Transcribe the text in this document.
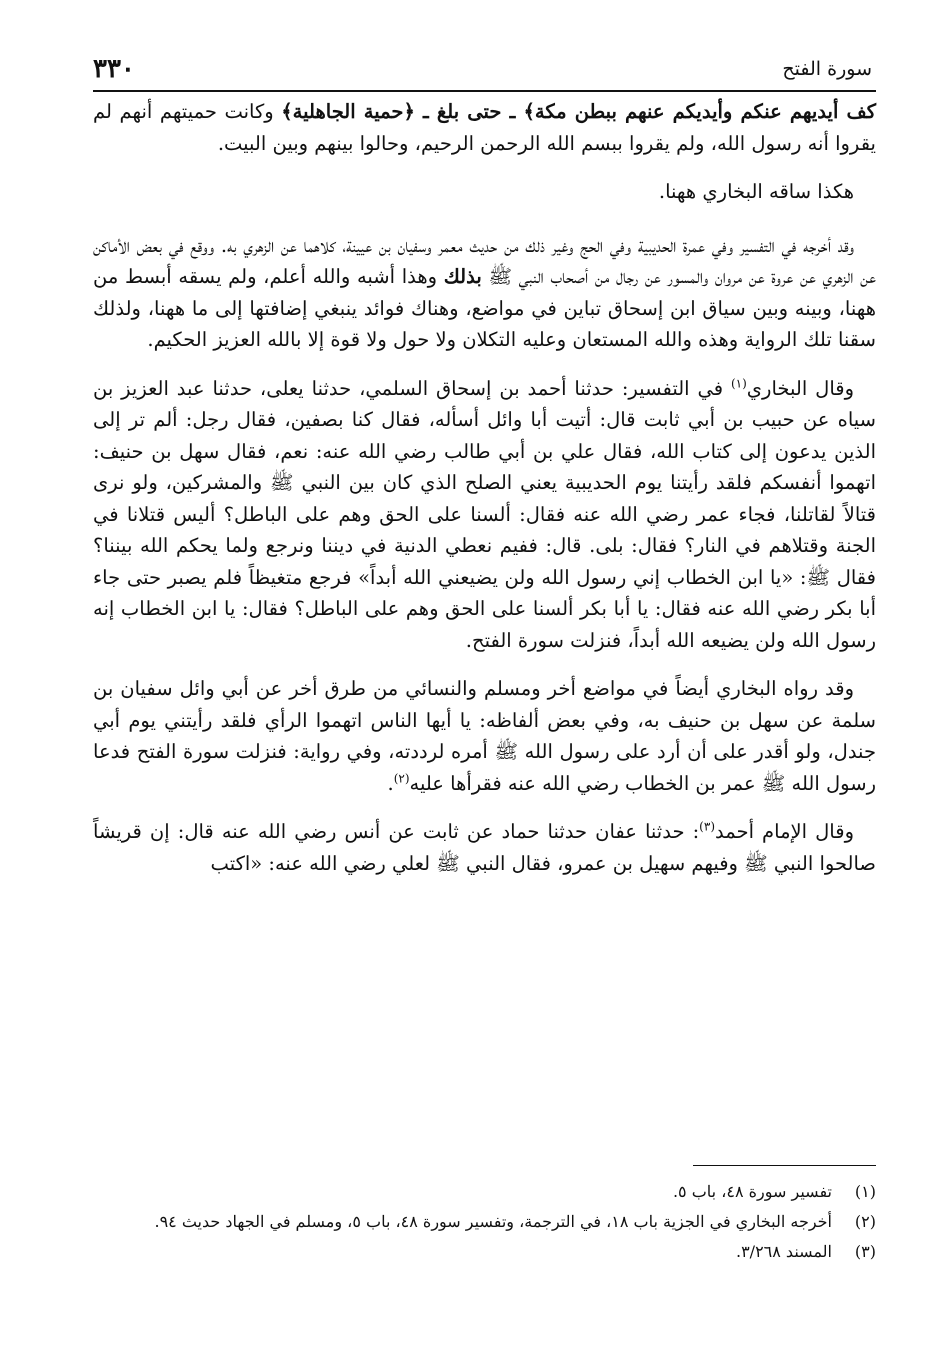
٣٣٠	سورة الفتح

كف أيديهم عنكم وأيديكم عنهم ببطن مكة﴾ ـ حتى بلغ ـ ﴿حمية الجاهلية﴾ وكانت حميتهم أنهم لم يقروا أنه رسول الله، ولم يقروا ببسم الله الرحمن الرحيم، وحالوا بينهم وبين البيت.

هكذا ساقه البخاري ههنا.

وقد أخرجه في التفسير وفي عمرة الحديبية وفي الحج وغير ذلك من حديث معمر وسفيان بن عيينة، كلاهما عن الزهري به. ووقع في بعض الأماكن عن الزهري عن عروة عن مروان والمسور عن رجال من أصحاب النبي ﷺ بذلك وهذا أشبه والله أعلم، ولم يسقه أبسط من ههنا، وبينه وبين سياق ابن إسحاق تباين في مواضع، وهناك فوائد ينبغي إضافتها إلى ما ههنا، ولذلك سقنا تلك الرواية وهذه والله المستعان وعليه التكلان ولا حول ولا قوة إلا بالله العزيز الحكيم.

وقال البخاري$^{(١)}$ في التفسير: حدثنا أحمد بن إسحاق السلمي، حدثنا يعلى، حدثنا عبد العزيز بن سياه عن حبيب بن أبي ثابت قال: أتيت أبا وائل أسأله، فقال كنا بصفين، فقال رجل: ألم تر إلى الذين يدعون إلى كتاب الله، فقال علي بن أبي طالب رضي الله عنه: نعم، فقال سهل بن حنيف: اتهموا أنفسكم فلقد رأيتنا يوم الحديبية يعني الصلح الذي كان بين النبي ﷺ والمشركين، ولو نرى قتالاً لقاتلنا، فجاء عمر رضي الله عنه فقال: ألسنا على الحق وهم على الباطل؟ أليس قتلانا في الجنة وقتلاهم في النار؟ فقال: بلى. قال: ففيم نعطي الدنية في ديننا ونرجع ولما يحكم الله بيننا؟ فقال ﷺ: «يا ابن الخطاب إني رسول الله ولن يضيعني الله أبداً» فرجع متغيظاً فلم يصبر حتى جاء أبا بكر رضي الله عنه فقال: يا أبا بكر ألسنا على الحق وهم على الباطل؟ فقال: يا ابن الخطاب إنه رسول الله ولن يضيعه الله أبداً، فنزلت سورة الفتح.

وقد رواه البخاري أيضاً في مواضع أخر ومسلم والنسائي من طرق أخر عن أبي وائل سفيان بن سلمة عن سهل بن حنيف به، وفي بعض ألفاظه: يا أيها الناس اتهموا الرأي فلقد رأيتني يوم أبي جندل، ولو أقدر على أن أرد على رسول الله ﷺ أمره لرددته، وفي رواية: فنزلت سورة الفتح فدعا رسول الله ﷺ عمر بن الخطاب رضي الله عنه فقرأها عليه$^{(٢)}$.

وقال الإمام أحمد$^{(٣)}$: حدثنا عفان حدثنا حماد عن ثابت عن أنس رضي الله عنه قال: إن قريشاً صالحوا النبي ﷺ وفيهم سهيل بن عمرو، فقال النبي ﷺ لعلي رضي الله عنه: «اكتب

(١)
تفسير سورة ٤٨، باب ٥.
(٢)
أخرجه البخاري في الجزية باب ١٨، في الترجمة، وتفسير سورة ٤٨، باب ٥، ومسلم في الجهاد حديث ٩٤.
(٣)
المسند ٣/٢٦٨.
